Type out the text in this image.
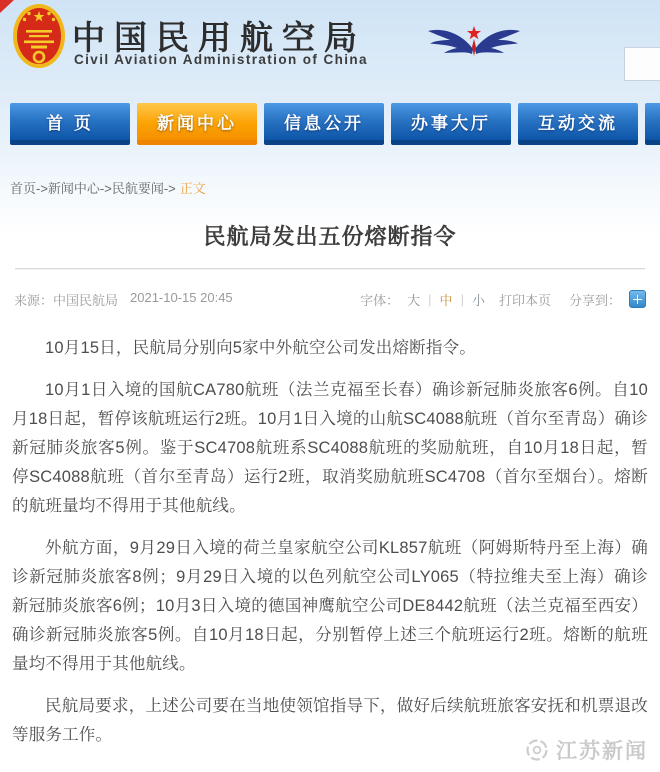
中国民用航空局
Civil Aviation Administration of China
首 页	新闻中心	信息公开	办事大厅	互动交流
首页->新闻中心->民航要闻-> 正文
民航局发出五份熔断指令
来源：中国民航局 2021-10-15 20:45	字体： 大 | 中 | 小 打印本页 分享到：

10月15日，民航局分别向5家中外航空公司发出熔断指令。

10月1日入境的国航CA780航班（法兰克福至长春）确诊新冠肺炎旅客6例。自10月18日起，暂停该航班运行2班。10月1日入境的山航SC4088航班（首尔至青岛）确诊新冠肺炎旅客5例。鉴于SC4708航班系SC4088航班的奖励航班，自10月18日起，暂停SC4088航班（首尔至青岛）运行2班，取消奖励航班SC4708（首尔至烟台）。熔断的航班量均不得用于其他航线。

外航方面，9月29日入境的荷兰皇家航空公司KL857航班（阿姆斯特丹至上海）确诊新冠肺炎旅客8例；9月29日入境的以色列航空公司LY065（特拉维夫至上海）确诊新冠肺炎旅客6例；10月3日入境的德国神鹰航空公司DE8442航班（法兰克福至西安）确诊新冠肺炎旅客5例。自10月18日起，分别暂停上述三个航班运行2班。熔断的航班量均不得用于其他航线。

民航局要求，上述公司要在当地使领馆指导下，做好后续航班旅客安抚和机票退改等服务工作。

江苏新闻
